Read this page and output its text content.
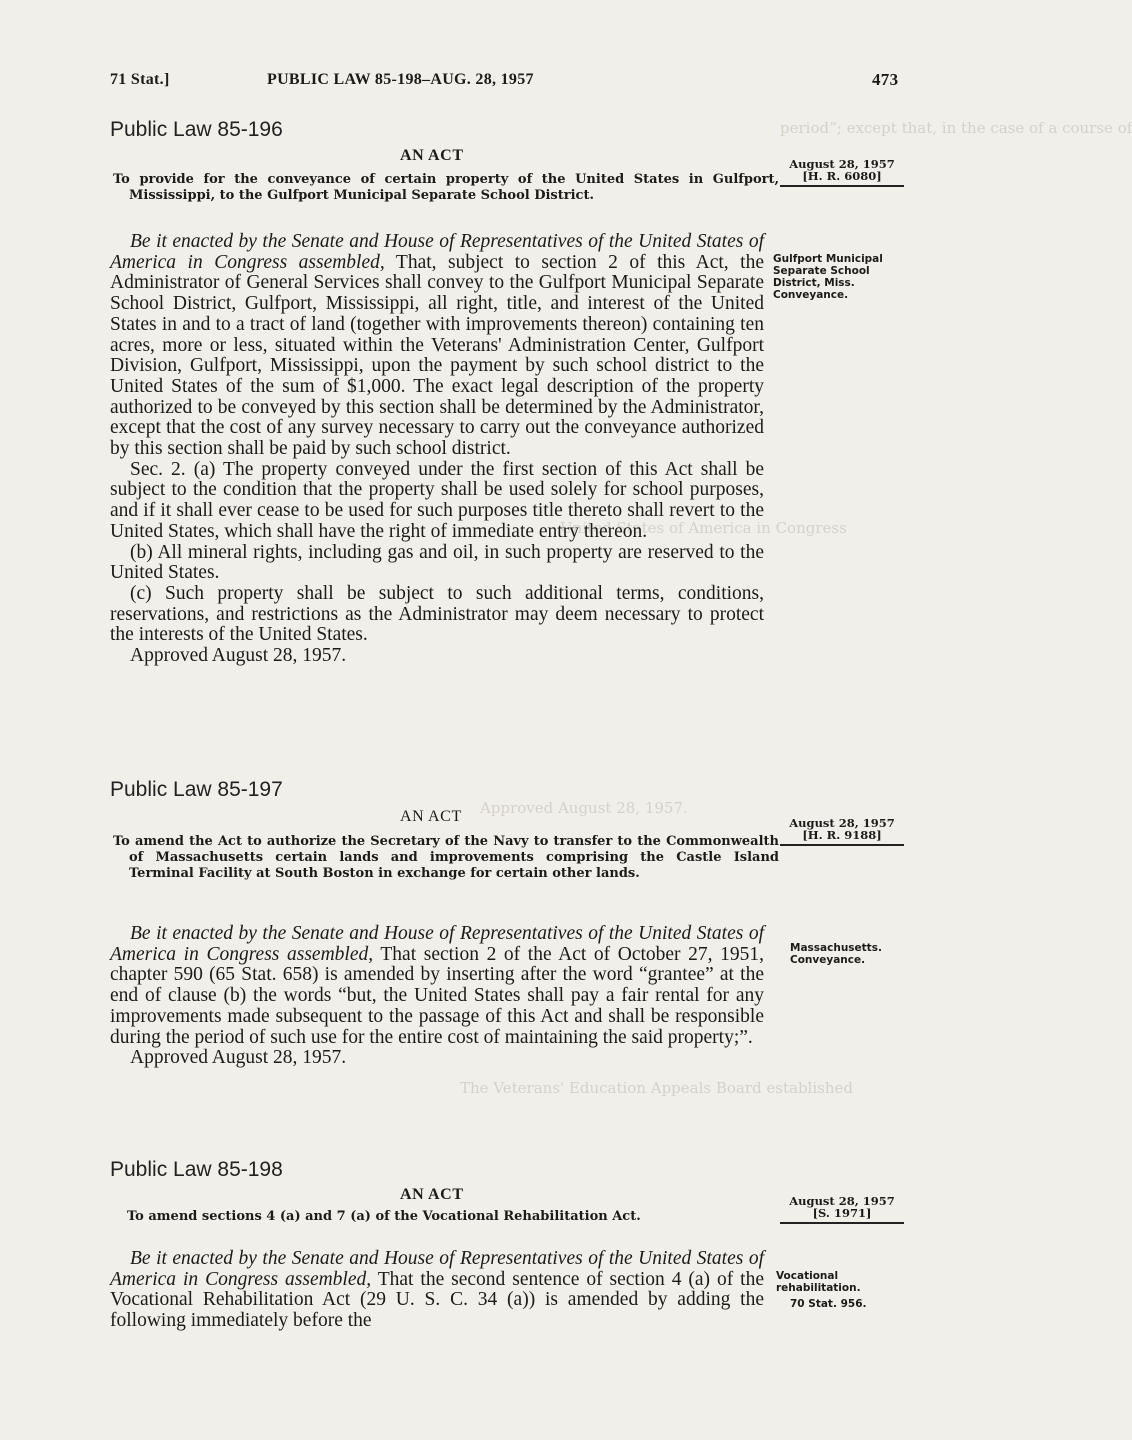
period”; except that, in the case of a course of
United States of America in Congress
Approved August 28, 1957.
The Veterans' Education Appeals Board established
71 Stat.]	PUBLIC LAW 85-198–AUG. 28, 1957	473
Public Law 85-196
AN ACT
To provide for the conveyance of certain property of the United States in Gulfport, Mississippi, to the Gulfport Municipal Separate School District.
August 28, 1957
[H. R. 6080]
Gulfport Municipal Separate School District, Miss. Conveyance.

Be it enacted by the Senate and House of Representatives of the United States of America in Congress assembled, That, subject to section 2 of this Act, the Administrator of General Services shall convey to the Gulfport Municipal Separate School District, Gulfport, Mississippi, all right, title, and interest of the United States in and to a tract of land (together with improvements thereon) containing ten acres, more or less, situated within the Veterans' Administration Center, Gulfport Division, Gulfport, Mississippi, upon the payment by such school district to the United States of the sum of $1,000. The exact legal description of the property authorized to be conveyed by this section shall be determined by the Administrator, except that the cost of any survey necessary to carry out the conveyance authorized by this section shall be paid by such school district.

Sec. 2. (a) The property conveyed under the first section of this Act shall be subject to the condition that the property shall be used solely for school purposes, and if it shall ever cease to be used for such purposes title thereto shall revert to the United States, which shall have the right of immediate entry thereon.

(b) All mineral rights, including gas and oil, in such property are reserved to the United States.

(c) Such property shall be subject to such additional terms, conditions, reservations, and restrictions as the Administrator may deem necessary to protect the interests of the United States.

Approved August 28, 1957.

Public Law 85-197
AN ACT
To amend the Act to authorize the Secretary of the Navy to transfer to the Commonwealth of Massachusetts certain lands and improvements comprising the Castle Island Terminal Facility at South Boston in exchange for certain other lands.
August 28, 1957
[H. R. 9188]
Massachusetts. Conveyance.

Be it enacted by the Senate and House of Representatives of the United States of America in Congress assembled, That section 2 of the Act of October 27, 1951, chapter 590 (65 Stat. 658) is amended by inserting after the word “grantee” at the end of clause (b) the words “but, the United States shall pay a fair rental for any improvements made subsequent to the passage of this Act and shall be responsible during the period of such use for the entire cost of maintaining the said property;”.

Approved August 28, 1957.

Public Law 85-198
AN ACT
To amend sections 4 (a) and 7 (a) of the Vocational Rehabilitation Act.
August 28, 1957
[S. 1971]
Vocational rehabilitation.
70 Stat. 956.

Be it enacted by the Senate and House of Representatives of the United States of America in Congress assembled, That the second sentence of section 4 (a) of the Vocational Rehabilitation Act (29 U. S. C. 34 (a)) is amended by adding the following immediately before the
